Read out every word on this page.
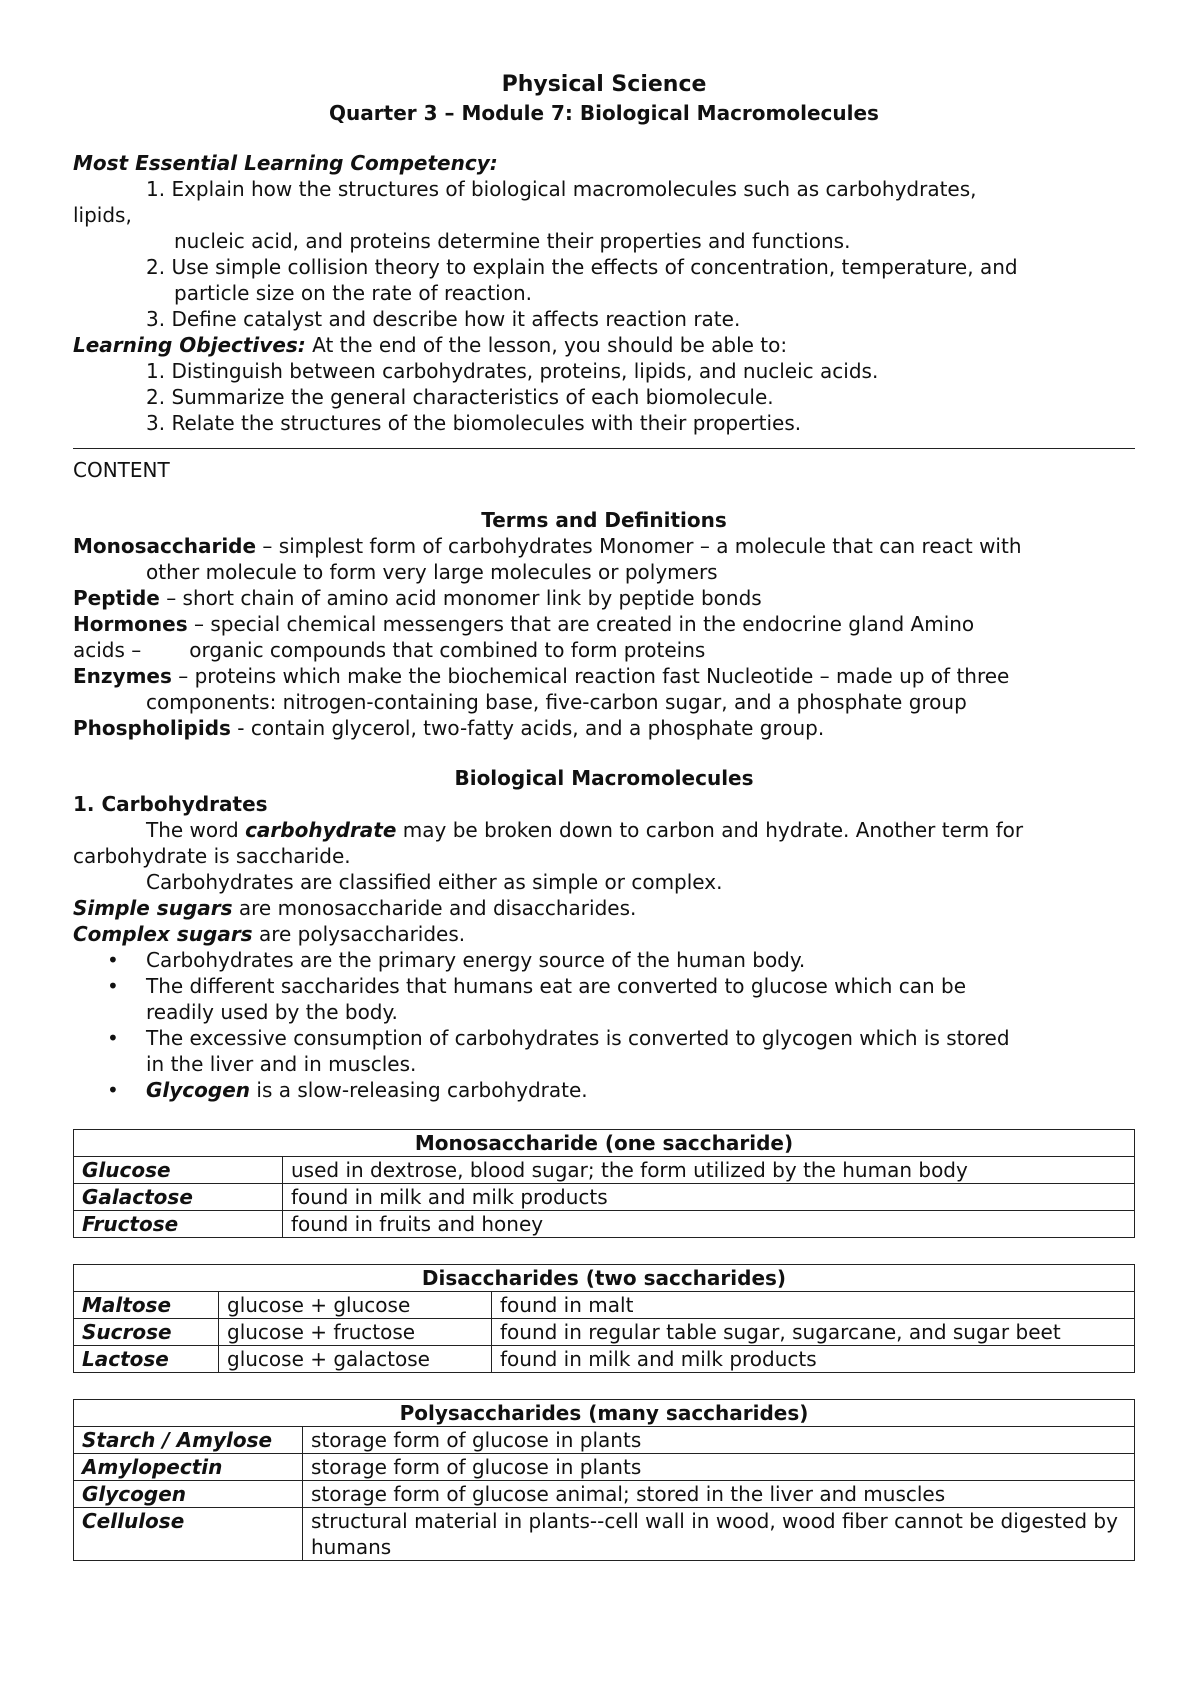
Physical Science
Quarter 3 – Module 7: Biological Macromolecules
Most Essential Learning Competency:
1. Explain how the structures of biological macromolecules such as carbohydrates,
lipids,
nucleic acid, and proteins determine their properties and functions.
2. Use simple collision theory to explain the effects of concentration, temperature, and
particle size on the rate of reaction.
3. Define catalyst and describe how it affects reaction rate.
Learning Objectives: At the end of the lesson, you should be able to:
1. Distinguish between carbohydrates, proteins, lipids, and nucleic acids.
2. Summarize the general characteristics of each biomolecule.
3. Relate the structures of the biomolecules with their properties.
CONTENT
Terms and Definitions
Monosaccharide – simplest form of carbohydrates Monomer – a molecule that can react with
other molecule to form very large molecules or polymers
Peptide – short chain of amino acid monomer link by peptide bonds
Hormones – special chemical messengers that are created in the endocrine gland Amino
acids – organic compounds that combined to form proteins
Enzymes – proteins which make the biochemical reaction fast Nucleotide – made up of three
components: nitrogen-containing base, five-carbon sugar, and a phosphate group
Phospholipids - contain glycerol, two-fatty acids, and a phosphate group.
Biological Macromolecules
1. Carbohydrates
The word carbohydrate may be broken down to carbon and hydrate. Another term for
carbohydrate is saccharide.
Carbohydrates are classified either as simple or complex.
Simple sugars are monosaccharide and disaccharides.
Complex sugars are polysaccharides.
• Carbohydrates are the primary energy source of the human body.
• The different saccharides that humans eat are converted to glucose which can be
readily used by the body.
• The excessive consumption of carbohydrates is converted to glycogen which is stored
in the liver and in muscles.
• Glycogen is a slow-releasing carbohydrate.
Monosaccharide (one saccharide)	
Glucose	used in dextrose, blood sugar; the form utilized by the human body
Galactose	found in milk and milk products
Fructose	found in fruits and honey
Disaccharides (two saccharides)		
Maltose	glucose + glucose	found in malt
Sucrose	glucose + fructose	found in regular table sugar, sugarcane, and sugar beet
Lactose	glucose + galactose	found in milk and milk products
Polysaccharides (many saccharides)	
Starch / Amylose	storage form of glucose in plants
Amylopectin	storage form of glucose in plants
Glycogen	storage form of glucose animal; stored in the liver and muscles
Cellulose	structural material in plants--cell wall in wood, wood fiber cannot be digested by humans
